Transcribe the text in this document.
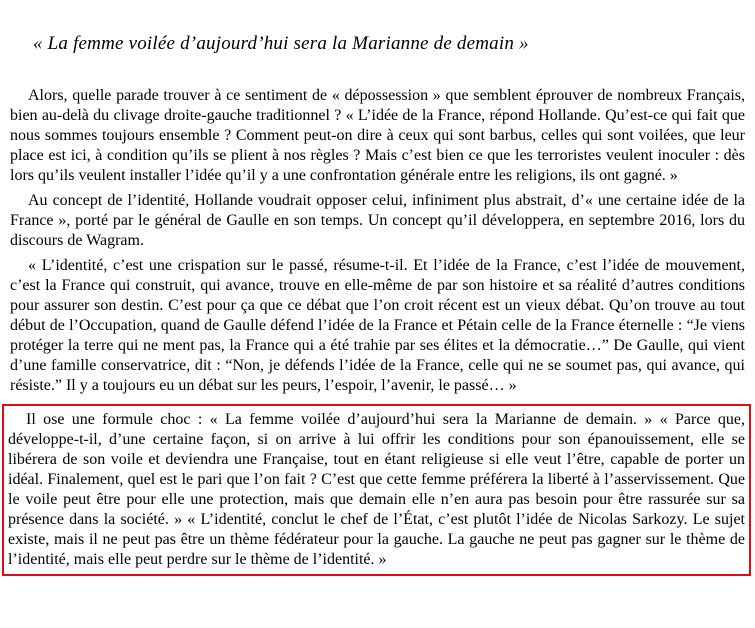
« La femme voilée d’aujourd’hui sera la Marianne de demain »

Alors, quelle parade trouver à ce sentiment de « dépossession » que semblent éprouver de nombreux Français, bien au-delà du clivage droite-gauche traditionnel ? « L’idée de la France, répond Hollande. Qu’est-ce qui fait que nous sommes toujours ensemble ? Comment peut-on dire à ceux qui sont barbus, celles qui sont voilées, que leur place est ici, à condition qu’ils se plient à nos règles ? Mais c’est bien ce que les terroristes veulent inoculer : dès lors qu’ils veulent installer l’idée qu’il y a une confrontation générale entre les religions, ils ont gagné. »

Au concept de l’identité, Hollande voudrait opposer celui, infiniment plus abstrait, d’« une certaine idée de la France », porté par le général de Gaulle en son temps. Un concept qu’il développera, en septembre 2016, lors du discours de Wagram.

« L’identité, c’est une crispation sur le passé, résume-t-il. Et l’idée de la France, c’est l’idée de mouvement, c’est la France qui construit, qui avance, trouve en elle-même de par son histoire et sa réalité d’autres conditions pour assurer son destin. C’est pour ça que ce débat que l’on croit récent est un vieux débat. Qu’on trouve au tout début de l’Occupation, quand de Gaulle défend l’idée de la France et Pétain celle de la France éternelle : “Je viens protéger la terre qui ne ment pas, la France qui a été trahie par ses élites et la démocratie…” De Gaulle, qui vient d’une famille conservatrice, dit : “Non, je défends l’idée de la France, celle qui ne se soumet pas, qui avance, qui résiste.” Il y a toujours eu un débat sur les peurs, l’espoir, l’avenir, le passé… »

Il ose une formule choc : « La femme voilée d’aujourd’hui sera la Marianne de demain. » « Parce que, développe-t-il, d’une certaine façon, si on arrive à lui offrir les conditions pour son épanouissement, elle se libérera de son voile et deviendra une Française, tout en étant religieuse si elle veut l’être, capable de porter un idéal. Finalement, quel est le pari que l’on fait ? C’est que cette femme préférera la liberté à l’asservissement. Que le voile peut être pour elle une protection, mais que demain elle n’en aura pas besoin pour être rassurée sur sa présence dans la société. » « L’identité, conclut le chef de l’État, c’est plutôt l’idée de Nicolas Sarkozy. Le sujet existe, mais il ne peut pas être un thème fédérateur pour la gauche. La gauche ne peut pas gagner sur le thème de l’identité, mais elle peut perdre sur le thème de l’identité. »
